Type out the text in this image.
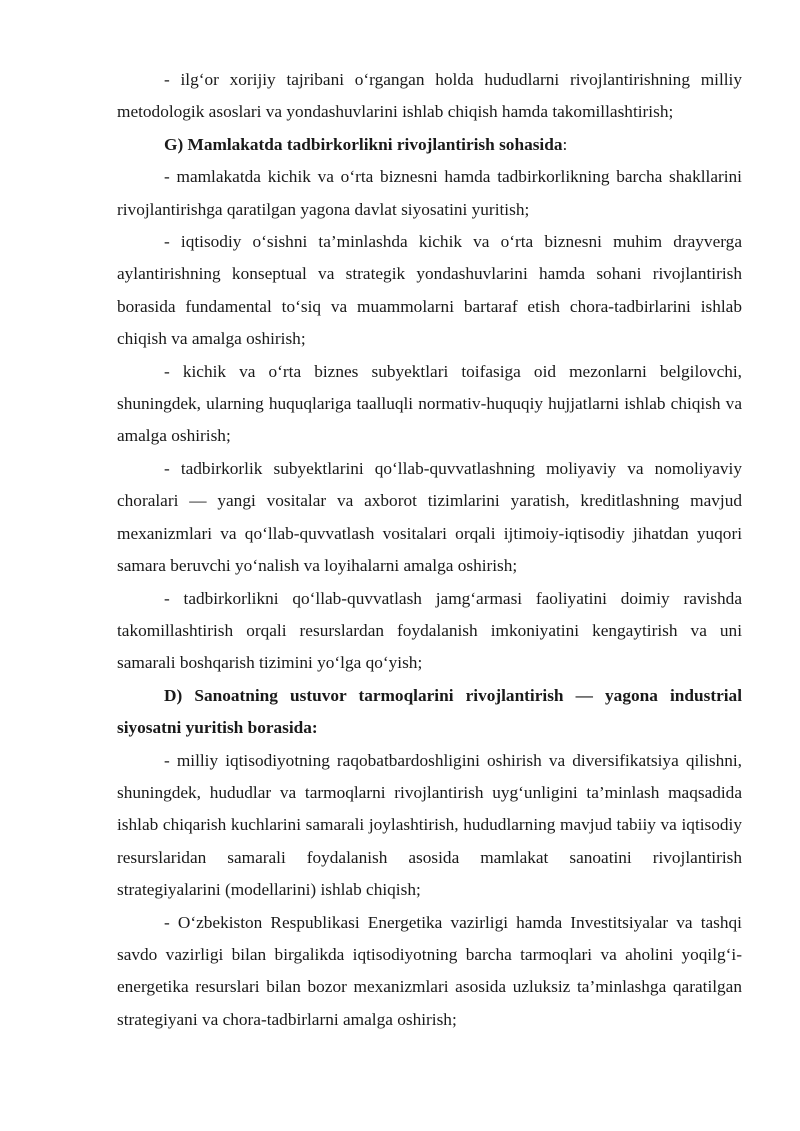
- ilg‘or xorijiy tajribani o‘rgangan holda hududlarni rivojlantirishning milliy metodologik asoslari va yondashuvlarini ishlab chiqish hamda takomillashtirish;

G) Mamlakatda tadbirkorlikni rivojlantirish sohasida:

- mamlakatda kichik va o‘rta biznesni hamda tadbirkorlikning barcha shakllarini rivojlantirishga qaratilgan yagona davlat siyosatini yuritish;

- iqtisodiy o‘sishni ta’minlashda kichik va o‘rta biznesni muhim drayverga aylantirishning konseptual va strategik yondashuvlarini hamda sohani rivojlantirish borasida fundamental to‘siq va muammolarni bartaraf etish chora-tadbirlarini ishlab chiqish va amalga oshirish;

- kichik va o‘rta biznes subyektlari toifasiga oid mezonlarni belgilovchi, shuningdek, ularning huquqlariga taalluqli normativ-huquqiy hujjatlarni ishlab chiqish va amalga oshirish;

- tadbirkorlik subyektlarini qo‘llab-quvvatlashning moliyaviy va nomoliyaviy choralari — yangi vositalar va axborot tizimlarini yaratish, kreditlashning mavjud mexanizmlari va qo‘llab-quvvatlash vositalari orqali ijtimoiy-iqtisodiy jihatdan yuqori samara beruvchi yo‘nalish va loyihalarni amalga oshirish;

- tadbirkorlikni qo‘llab-quvvatlash jamg‘armasi faoliyatini doimiy ravishda takomillashtirish orqali resurslardan foydalanish imkoniyatini kengaytirish va uni samarali boshqarish tizimini yo‘lga qo‘yish;

D) Sanoatning ustuvor tarmoqlarini rivojlantirish — yagona industrial siyosatni yuritish borasida:

- milliy iqtisodiyotning raqobatbardoshligini oshirish va diversifikatsiya qilishni, shuningdek, hududlar va tarmoqlarni rivojlantirish uyg‘unligini ta’minlash maqsadida ishlab chiqarish kuchlarini samarali joylashtirish, hududlarning mavjud tabiiy va iqtisodiy resurslaridan samarali foydalanish asosida mamlakat sanoatini rivojlantirish strategiyalarini (modellarini) ishlab chiqish;

- O‘zbekiston Respublikasi Energetika vazirligi hamda Investitsiyalar va tashqi savdo vazirligi bilan birgalikda iqtisodiyotning barcha tarmoqlari va aholini yoqilg‘i-energetika resurslari bilan bozor mexanizmlari asosida uzluksiz ta’minlashga qaratilgan strategiyani va chora-tadbirlarni amalga oshirish;
